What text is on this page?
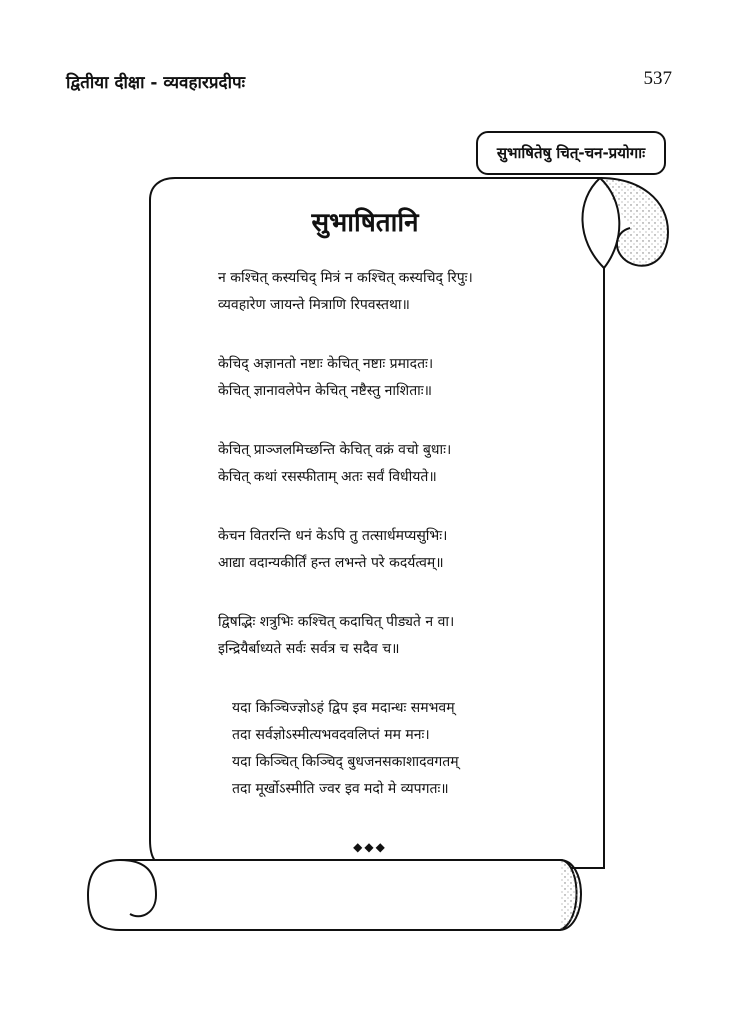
द्वितीया दीक्षा - व्यवहारप्रदीपः	537
सुभाषितेषु चित्-चन-प्रयोगाः
सुभाषितानि
न कश्चित् कस्यचिद् मित्रं न कश्चित् कस्यचिद् रिपुः।
व्यवहारेण जायन्ते मित्राणि रिपवस्तथा॥
केचिद् अज्ञानतो नष्टाः केचित् नष्टाः प्रमादतः।
केचित् ज्ञानावलेपेन केचित् नष्टैस्तु नाशिताः॥
केचित् प्राञ्जलमिच्छन्ति केचित् वक्रं वचो बुधाः।
केचित् कथां रसस्फीताम् अतः सर्वं विधीयते॥
केचन वितरन्ति धनं केऽपि तु तत्सार्धमप्यसुभिः।
आद्या वदान्यकीर्तिं हन्त लभन्ते परे कदर्यत्वम्॥
द्विषद्भिः शत्रुभिः कश्चित् कदाचित् पीड्यते न वा।
इन्द्रियैर्बाध्यते सर्वः सर्वत्र च सदैव च॥
यदा किञ्चिज्ज्ञोऽहं द्विप इव मदान्धः समभवम्
तदा सर्वज्ञोऽस्मीत्यभवदवलिप्तं मम मनः।
यदा किञ्चित् किञ्चिद् बुधजनसकाशादवगतम्
तदा मूर्खोऽस्मीति ज्वर इव मदो मे व्यपगतः॥
◆◆◆
